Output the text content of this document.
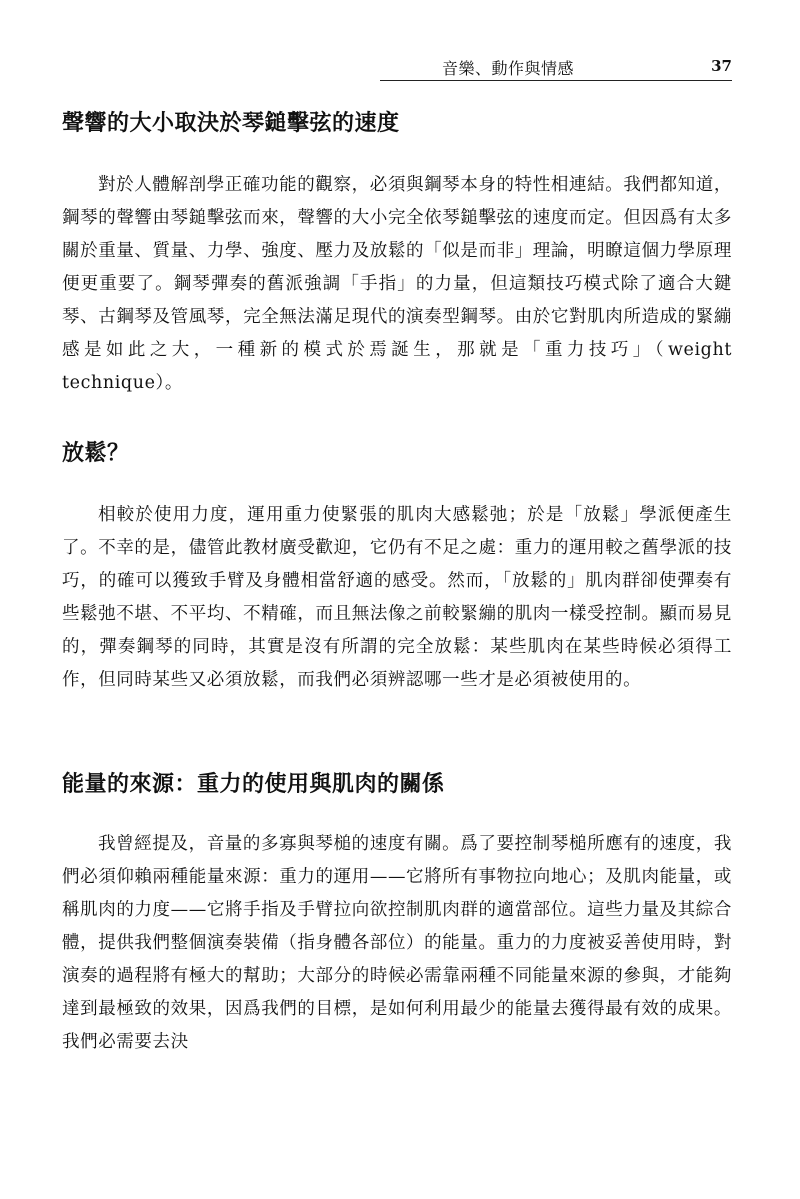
音樂、動作與情感	37
聲響的大小取決於琴鎚擊弦的速度

對於人體解剖學正確功能的觀察，必須與鋼琴本身的特性相連結。我們都知道，鋼琴的聲響由琴鎚擊弦而來，聲響的大小完全依琴鎚擊弦的速度而定。但因爲有太多關於重量、質量、力學、強度、壓力及放鬆的「似是而非」理論，明瞭這個力學原理便更重要了。鋼琴彈奏的舊派強調「手指」的力量，但這類技巧模式除了適合大鍵琴、古鋼琴及管風琴，完全無法滿足現代的演奏型鋼琴。由於它對肌肉所造成的緊繃感是如此之大，一種新的模式於焉誕生，那就是「重力技巧」（weight technique）。

放鬆？

相較於使用力度，運用重力使緊張的肌肉大感鬆弛；於是「放鬆」學派便產生了。不幸的是，儘管此教材廣受歡迎，它仍有不足之處：重力的運用較之舊學派的技巧，的確可以獲致手臂及身體相當舒適的感受。然而，「放鬆的」肌肉群卻使彈奏有些鬆弛不堪、不平均、不精確，而且無法像之前較緊繃的肌肉一樣受控制。顯而易見的，彈奏鋼琴的同時，其實是沒有所謂的完全放鬆：某些肌肉在某些時候必須得工作，但同時某些又必須放鬆，而我們必須辨認哪一些才是必須被使用的。

能量的來源：重力的使用與肌肉的關係

我曾經提及，音量的多寡與琴槌的速度有關。爲了要控制琴槌所應有的速度，我們必須仰賴兩種能量來源：重力的運用——它將所有事物拉向地心；及肌肉能量，或稱肌肉的力度——它將手指及手臂拉向欲控制肌肉群的適當部位。這些力量及其綜合體，提供我們整個演奏裝備（指身體各部位）的能量。重力的力度被妥善使用時，對演奏的過程將有極大的幫助；大部分的時候必需靠兩種不同能量來源的參與，才能夠達到最極致的效果，因爲我們的目標，是如何利用最少的能量去獲得最有效的成果。我們必需要去決
